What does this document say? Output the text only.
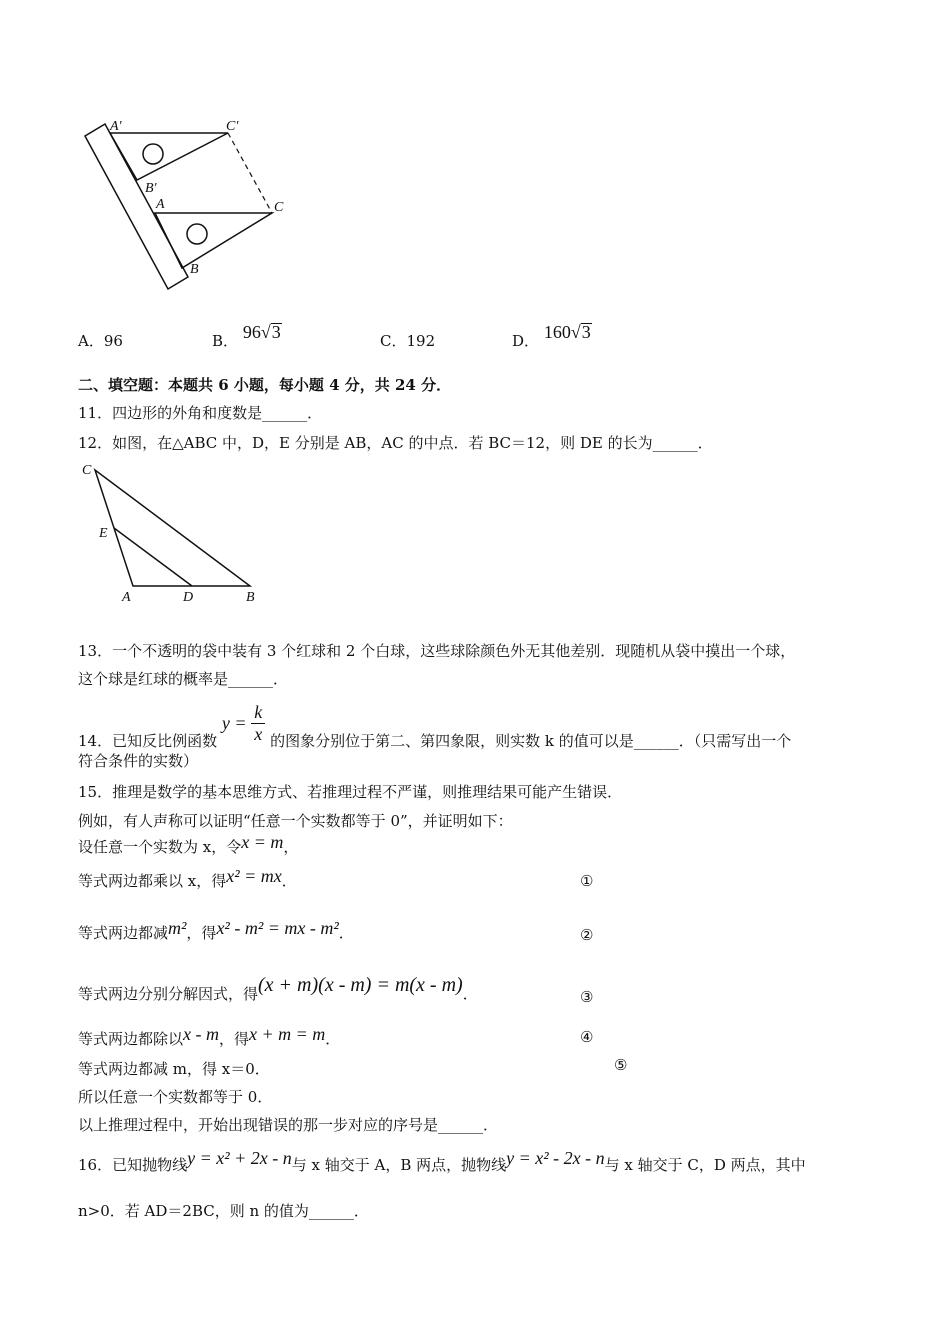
A′	C′
B′
A	C
B
A．96	B． 96√3	C．192	D． 160√3
二、填空题：本题共 6 小题，每小题 4 分，共 24 分．
11．四边形的外角和度数是______．
12．如图，在△ABC 中，D，E 分别是 AB，AC 的中点．若 BC＝12，则 DE 的长为______．
C
E
A	D	B
13．一个不透明的袋中装有 3 个红球和 2 个白球，这些球除颜色外无其他差别．现随机从袋中摸出一个球，
这个球是红球的概率是______．
14．已知反比例函数 $y = \frac{k}{x}$ 的图象分别位于第二、第四象限，则实数 k 的值可以是______．（只需写出一个
符合条件的实数）
15．推理是数学的基本思维方式、若推理过程不严谨，则推理结果可能产生错误．
例如，有人声称可以证明“任意一个实数都等于 0”，并证明如下：
设任意一个实数为 x，令x = m，
等式两边都乘以 x，得x² = mx．	①
等式两边都减m²，得x² - m² = mx - m²．	②
等式两边分别分解因式，得(x + m)(x - m) = m(x - m)．	③
等式两边都除以x - m，得x + m = m．	④
等式两边都减 m，得 x＝0．	⑤
所以任意一个实数都等于 0．
以上推理过程中，开始出现错误的那一步对应的序号是______．
16．已知抛物线y = x² + 2x - n与 x 轴交于 A，B 两点，抛物线y = x² - 2x - n与 x 轴交于 C，D 两点，其中
n>0．若 AD＝2BC，则 n 的值为______．
